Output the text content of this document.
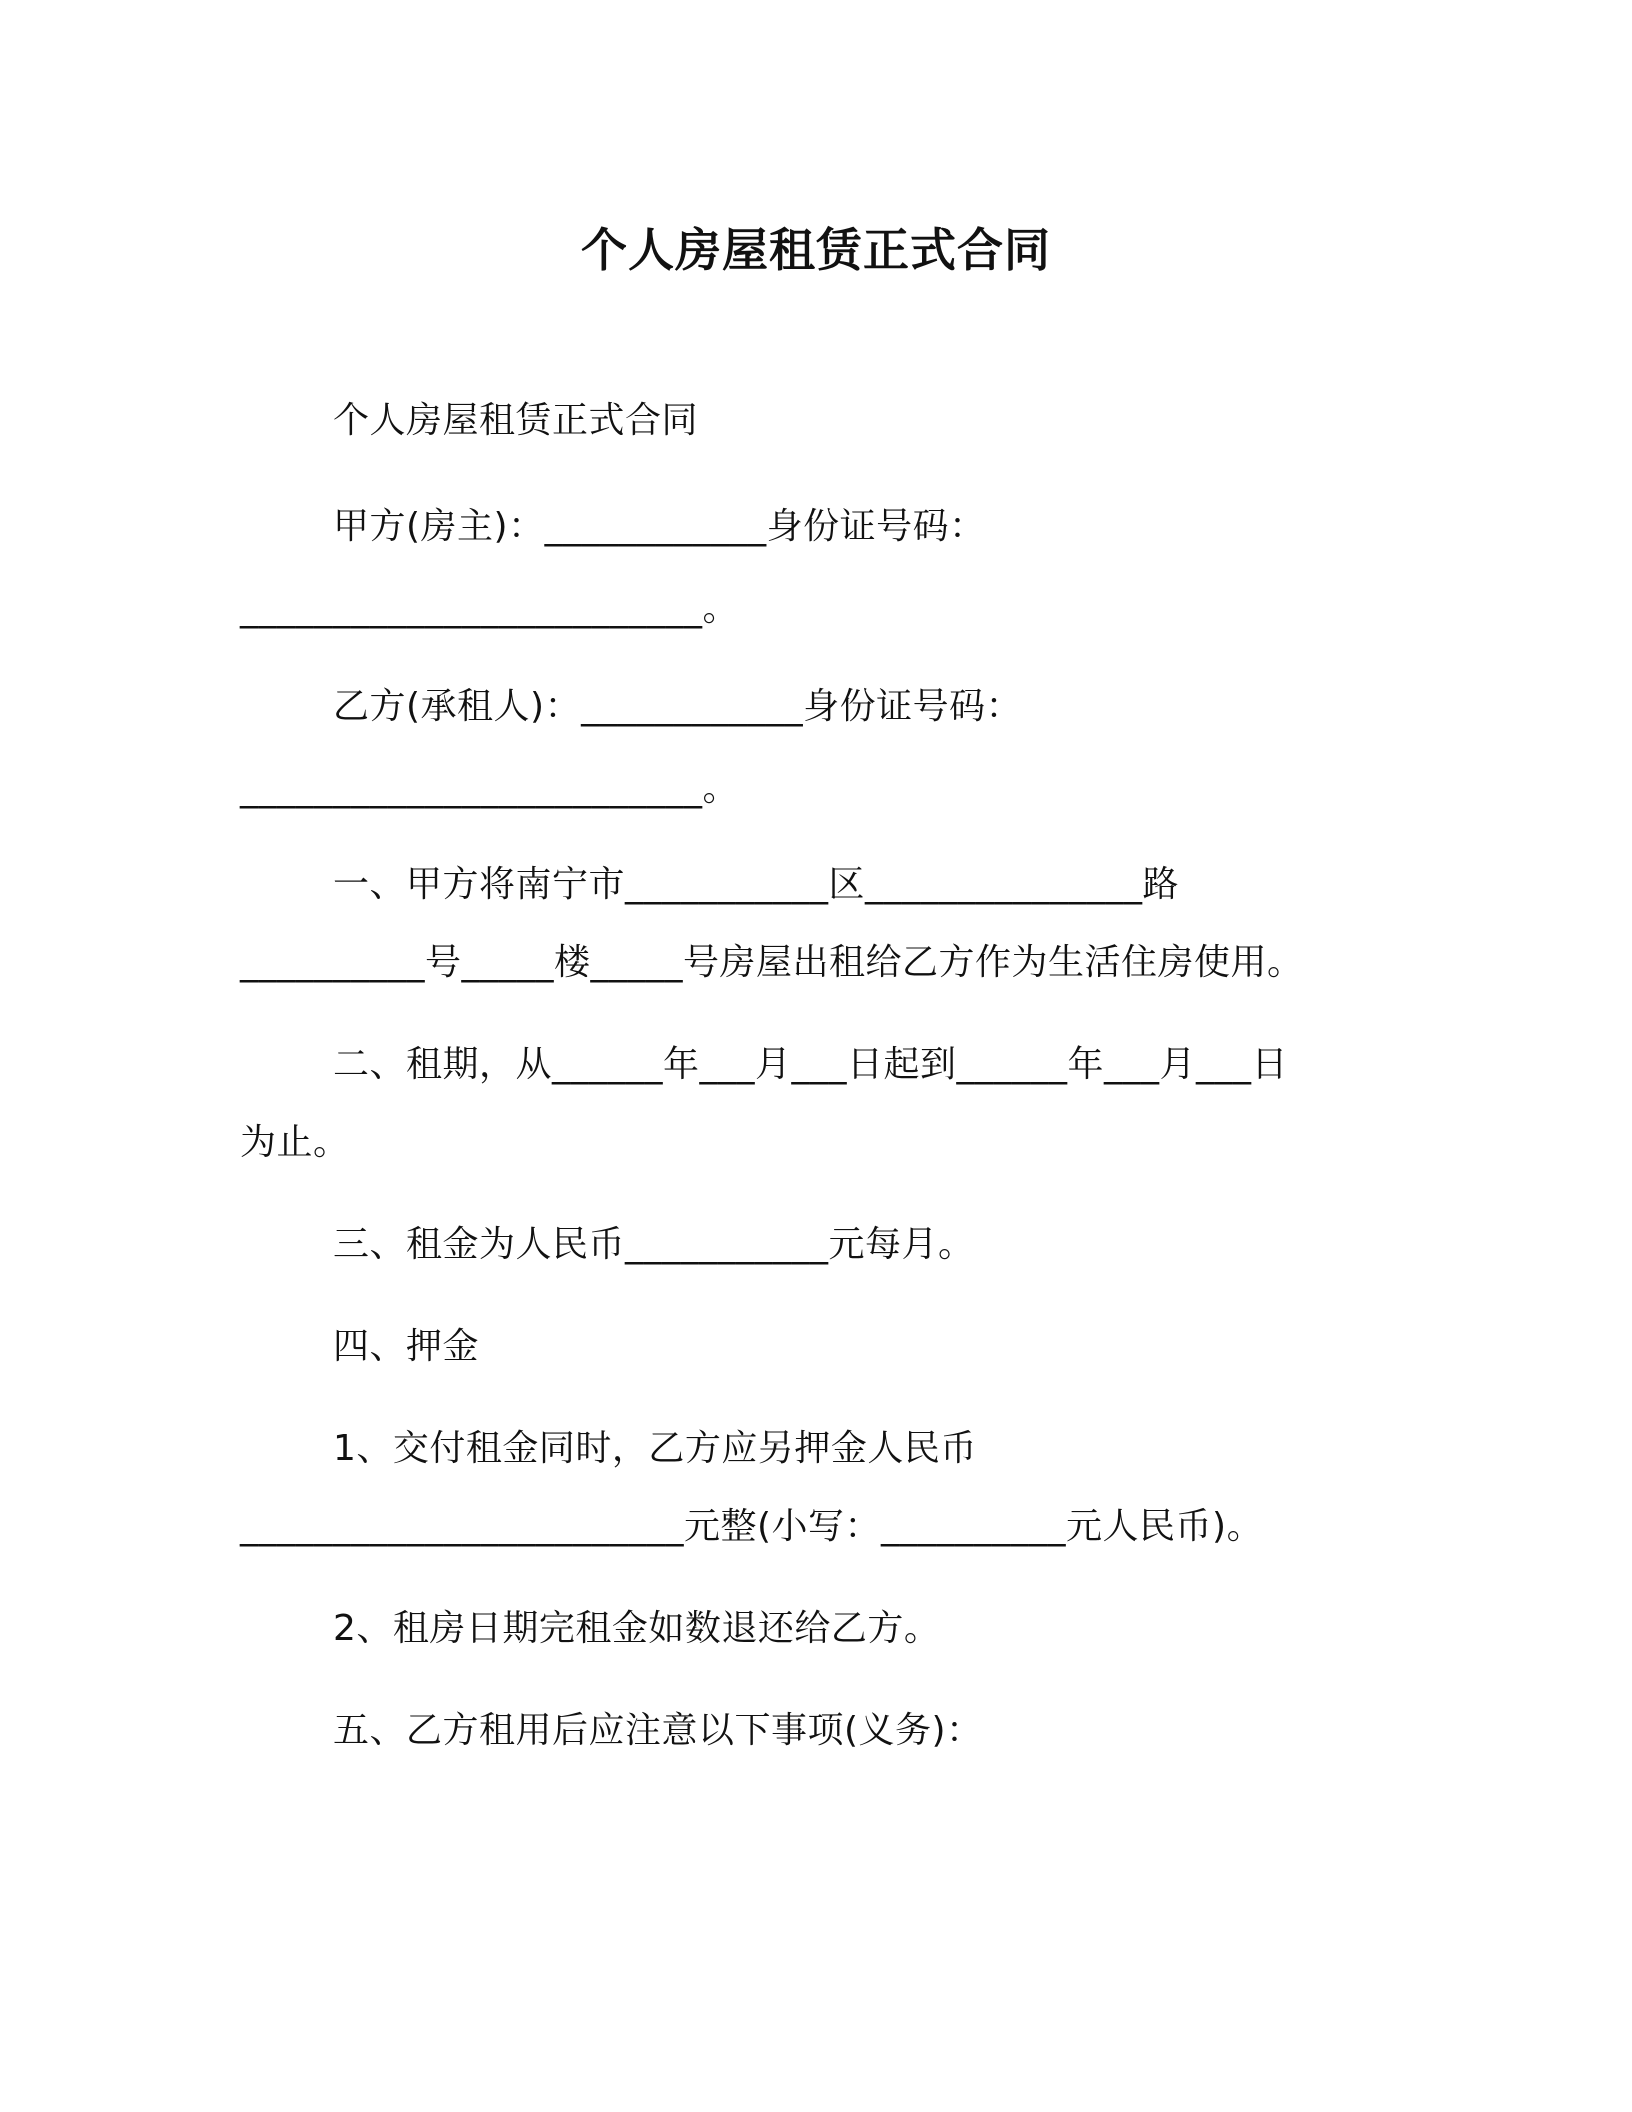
个人房屋租赁正式合同
个人房屋租赁正式合同
甲方(房主)：____________身份证号码：
_________________________。
乙方(承租人)：____________身份证号码：
_________________________。
一、甲方将南宁市___________区_______________路
__________号_____楼_____号房屋出租给乙方作为生活住房使用。
二、租期，从______年___月___日起到______年___月___日
为止。
三、租金为人民币___________元每月。
四、押金
1、交付租金同时，乙方应另押金人民币
________________________元整(小写：__________元人民币)。
2、租房日期完租金如数退还给乙方。
五、乙方租用后应注意以下事项(义务)：
